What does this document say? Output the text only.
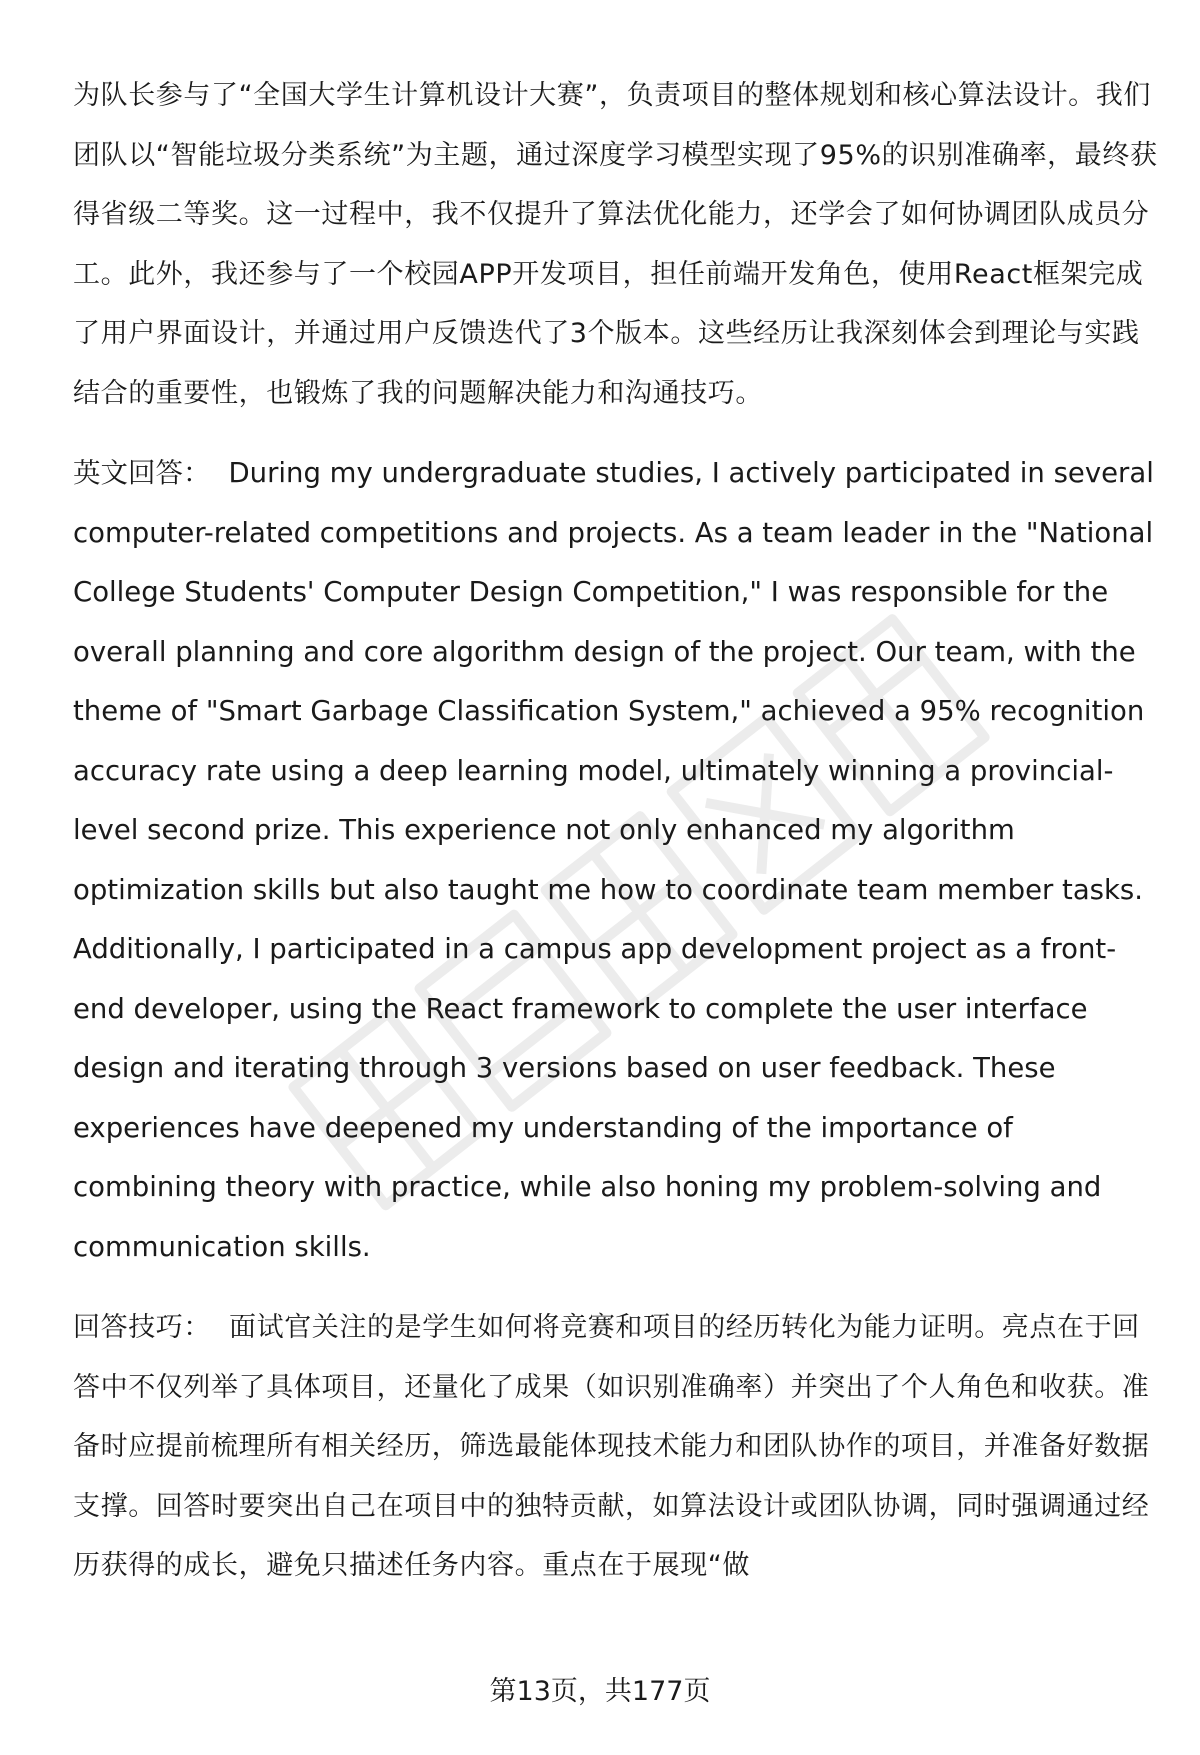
为队长参与了“全国大学生计算机设计大赛”，负责项目的整体规划和核心算法设计。我们团队以“智能垃圾分类系统”为主题，通过深度学习模型实现了95%的识别准确率，最终获得省级二等奖。这一过程中，我不仅提升了算法优化能力，还学会了如何协调团队成员分工。此外，我还参与了一个校园APP开发项目，担任前端开发角色，使用React框架完成了用户界面设计，并通过用户反馈迭代了3个版本。这些经历让我深刻体会到理论与实践结合的重要性，也锻炼了我的问题解决能力和沟通技巧。

英文回答： During my undergraduate studies, I actively participated in several computer-related competitions and projects. As a team leader in the "National College Students' Computer Design Competition," I was responsible for the overall planning and core algorithm design of the project. Our team, with the theme of "Smart Garbage Classification System," achieved a 95% recognition accuracy rate using a deep learning model, ultimately winning a provincial-level second prize. This experience not only enhanced my algorithm optimization skills but also taught me how to coordinate team member tasks. Additionally, I participated in a campus app development project as a front-end developer, using the React framework to complete the user interface design and iterating through 3 versions based on user feedback. These experiences have deepened my understanding of the importance of combining theory with practice, while also honing my problem-solving and communication skills.

回答技巧： 面试官关注的是学生如何将竞赛和项目的经历转化为能力证明。亮点在于回答中不仅列举了具体项目，还量化了成果（如识别准确率）并突出了个人角色和收获。准备时应提前梳理所有相关经历，筛选最能体现技术能力和团队协作的项目，并准备好数据支撑。回答时要突出自己在项目中的独特贡献，如算法设计或团队协调，同时强调通过经历获得的成长，避免只描述任务内容。重点在于展现“做

第13页，共177页
